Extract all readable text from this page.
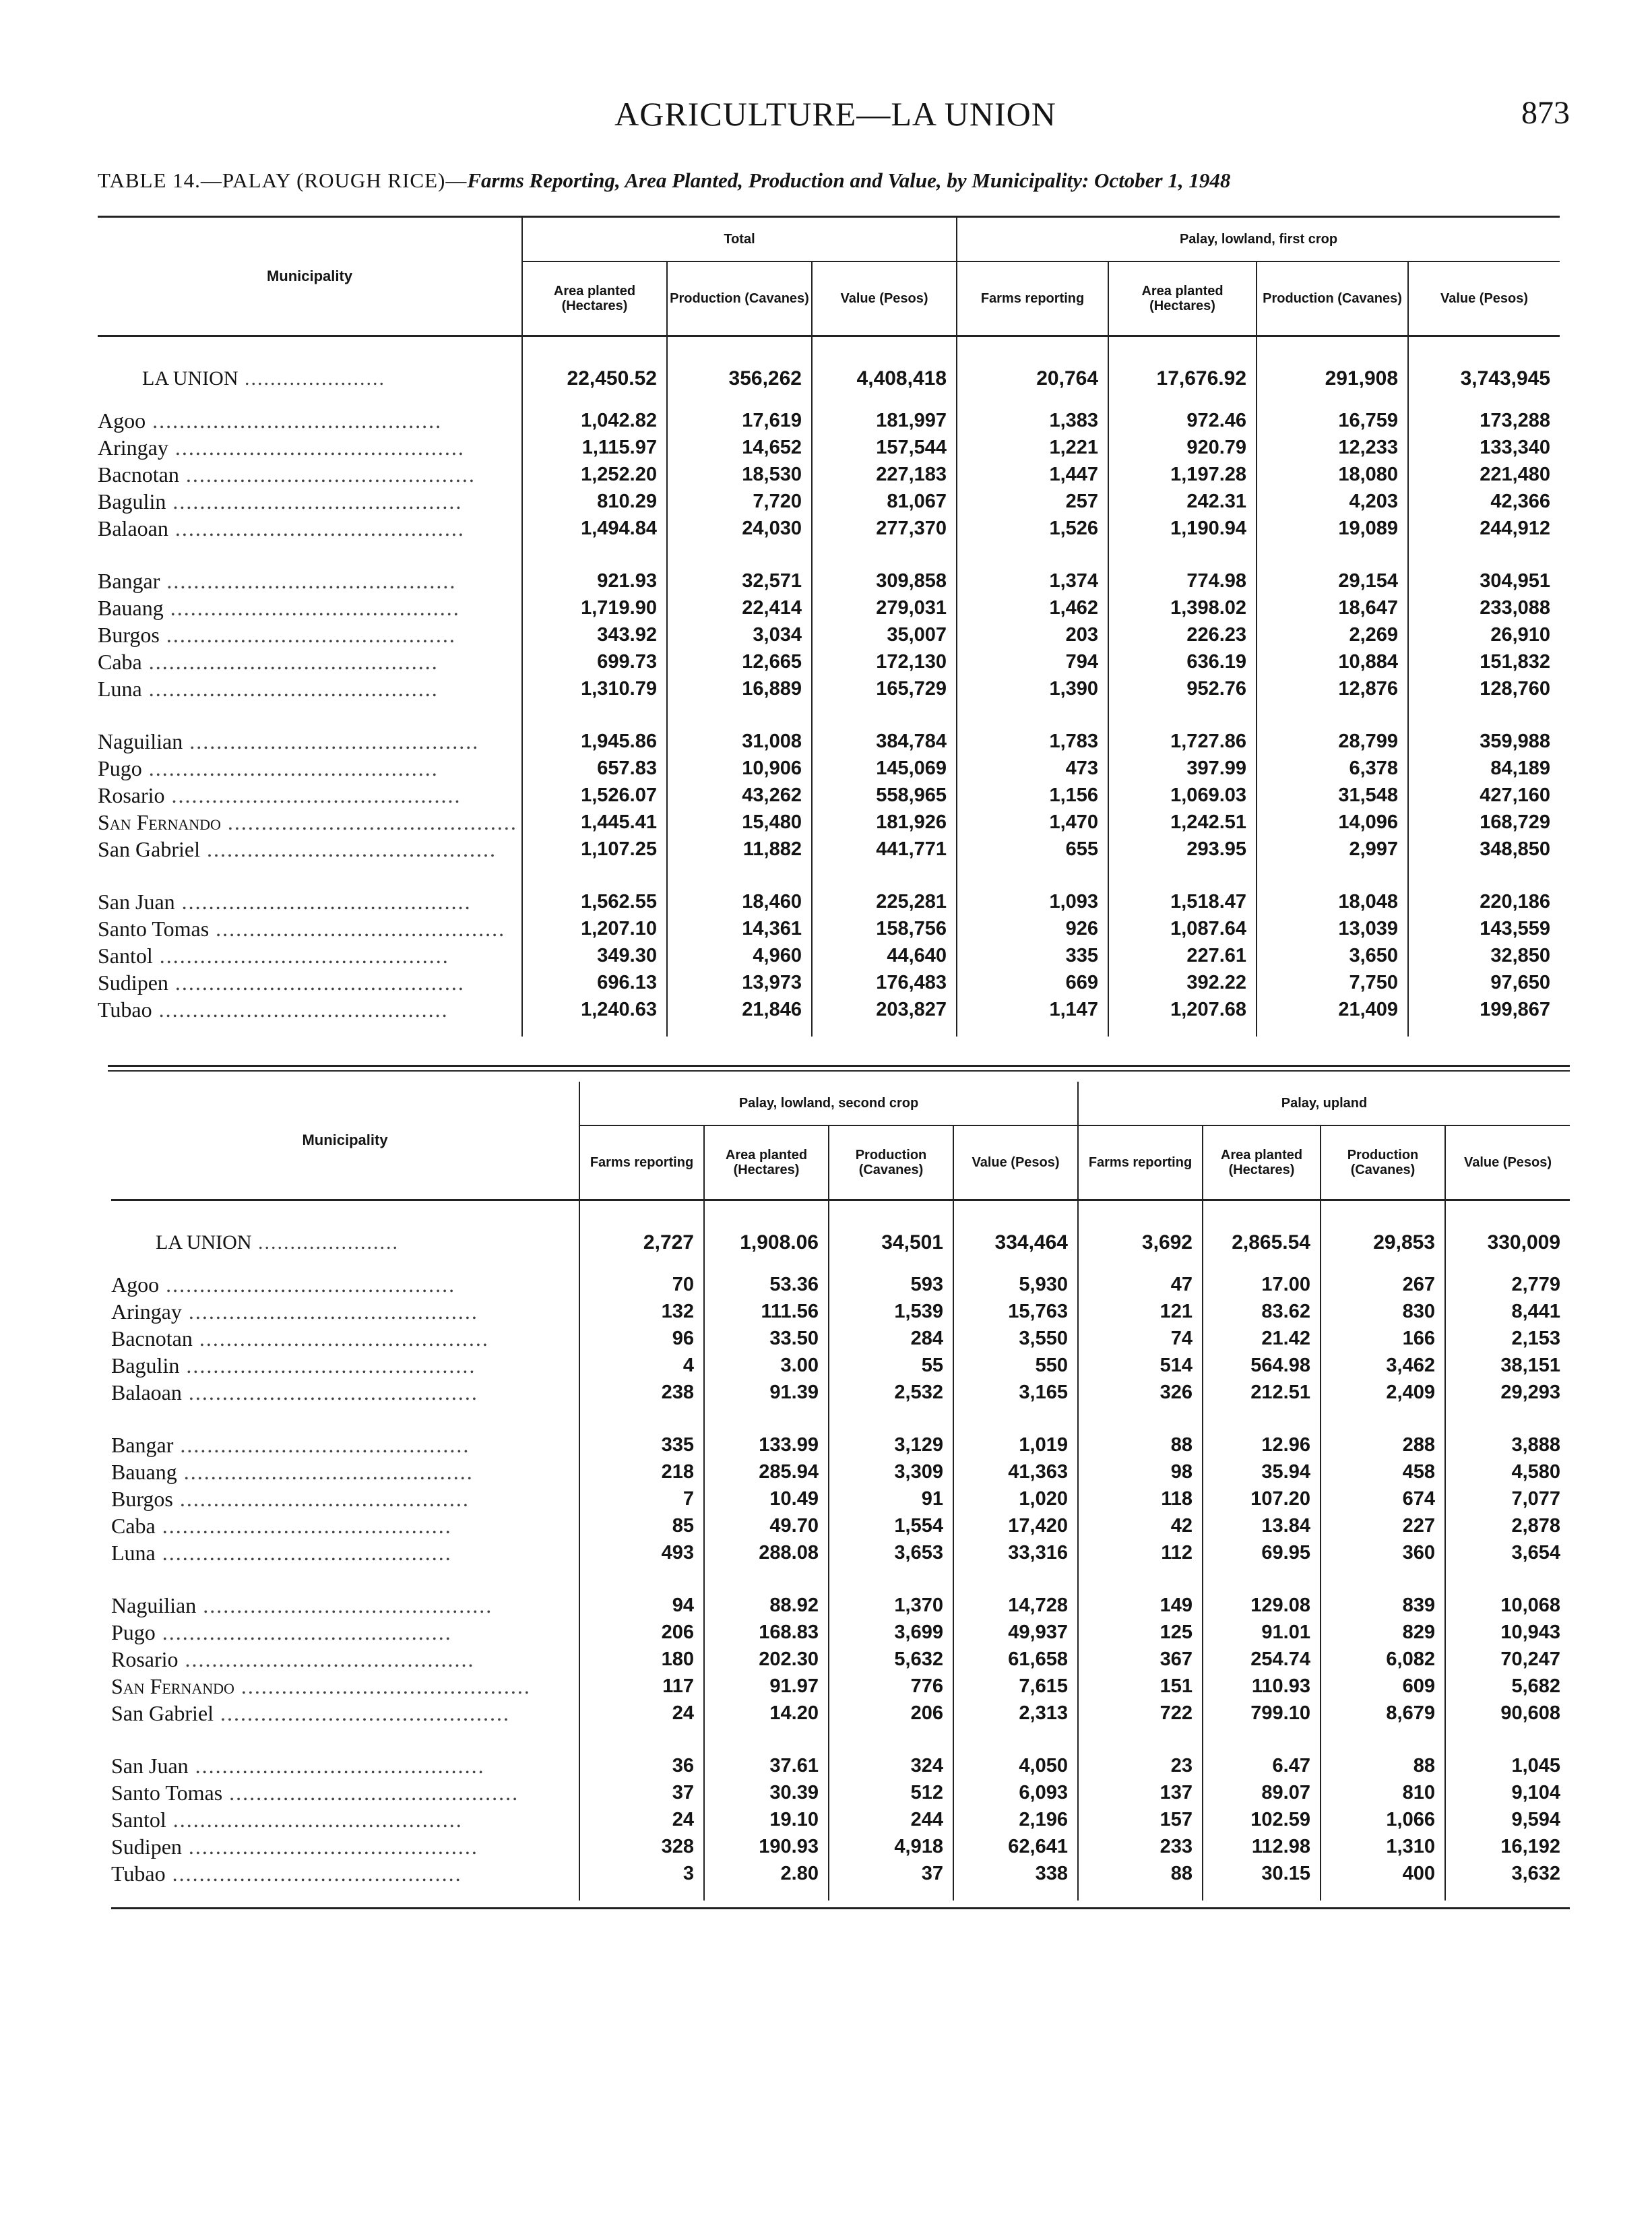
AGRICULTURE—LA UNION	873
TABLE 14.—PALAY (ROUGH RICE)—Farms Reporting, Area Planted, Production and Value, by Municipality: October 1, 1948
Municipality	Total			Palay, lowland, first crop			
	Area planted (Hectares)	Production (Cavanes)	Value (Pesos)	Farms reporting	Area planted (Hectares)	Production (Cavanes)	Value (Pesos)

LA UNION ......................	22,450.52	356,262	4,408,418	20,764	17,676.92	291,908	3,743,945

Agoo ...........................................	1,042.82	17,619	181,997	1,383	972.46	16,759	173,288
Aringay ...........................................	1,115.97	14,652	157,544	1,221	920.79	12,233	133,340
Bacnotan ...........................................	1,252.20	18,530	227,183	1,447	1,197.28	18,080	221,480
Bagulin ...........................................	810.29	7,720	81,067	257	242.31	4,203	42,366
Balaoan ...........................................	1,494.84	24,030	277,370	1,526	1,190.94	19,089	244,912

Bangar ...........................................	921.93	32,571	309,858	1,374	774.98	29,154	304,951
Bauang ...........................................	1,719.90	22,414	279,031	1,462	1,398.02	18,647	233,088
Burgos ...........................................	343.92	3,034	35,007	203	226.23	2,269	26,910
Caba ...........................................	699.73	12,665	172,130	794	636.19	10,884	151,832
Luna ...........................................	1,310.79	16,889	165,729	1,390	952.76	12,876	128,760

Naguilian ...........................................	1,945.86	31,008	384,784	1,783	1,727.86	28,799	359,988
Pugo ...........................................	657.83	10,906	145,069	473	397.99	6,378	84,189
Rosario ...........................................	1,526.07	43,262	558,965	1,156	1,069.03	31,548	427,160
San Fernando ...........................................	1,445.41	15,480	181,926	1,470	1,242.51	14,096	168,729
San Gabriel ...........................................	1,107.25	11,882	441,771	655	293.95	2,997	348,850

San Juan ...........................................	1,562.55	18,460	225,281	1,093	1,518.47	18,048	220,186
Santo Tomas ...........................................	1,207.10	14,361	158,756	926	1,087.64	13,039	143,559
Santol ...........................................	349.30	4,960	44,640	335	227.61	3,650	32,850
Sudipen ...........................................	696.13	13,973	176,483	669	392.22	7,750	97,650
Tubao ...........................................	1,240.63	21,846	203,827	1,147	1,207.68	21,409	199,867

Municipality	Palay, lowland, second crop				Palay, upland			
	Farms reporting	Area planted (Hectares)	Production (Cavanes)	Value (Pesos)	Farms reporting	Area planted (Hectares)	Production (Cavanes)	Value (Pesos)

LA UNION ......................	2,727	1,908.06	34,501	334,464	3,692	2,865.54	29,853	330,009

Agoo ...........................................	70	53.36	593	5,930	47	17.00	267	2,779
Aringay ...........................................	132	111.56	1,539	15,763	121	83.62	830	8,441
Bacnotan ...........................................	96	33.50	284	3,550	74	21.42	166	2,153
Bagulin ...........................................	4	3.00	55	550	514	564.98	3,462	38,151
Balaoan ...........................................	238	91.39	2,532	3,165	326	212.51	2,409	29,293

Bangar ...........................................	335	133.99	3,129	1,019	88	12.96	288	3,888
Bauang ...........................................	218	285.94	3,309	41,363	98	35.94	458	4,580
Burgos ...........................................	7	10.49	91	1,020	118	107.20	674	7,077
Caba ...........................................	85	49.70	1,554	17,420	42	13.84	227	2,878
Luna ...........................................	493	288.08	3,653	33,316	112	69.95	360	3,654

Naguilian ...........................................	94	88.92	1,370	14,728	149	129.08	839	10,068
Pugo ...........................................	206	168.83	3,699	49,937	125	91.01	829	10,943
Rosario ...........................................	180	202.30	5,632	61,658	367	254.74	6,082	70,247
San Fernando ...........................................	117	91.97	776	7,615	151	110.93	609	5,682
San Gabriel ...........................................	24	14.20	206	2,313	722	799.10	8,679	90,608

San Juan ...........................................	36	37.61	324	4,050	23	6.47	88	1,045
Santo Tomas ...........................................	37	30.39	512	6,093	137	89.07	810	9,104
Santol ...........................................	24	19.10	244	2,196	157	102.59	1,066	9,594
Sudipen ...........................................	328	190.93	4,918	62,641	233	112.98	1,310	16,192
Tubao ...........................................	3	2.80	37	338	88	30.15	400	3,632
